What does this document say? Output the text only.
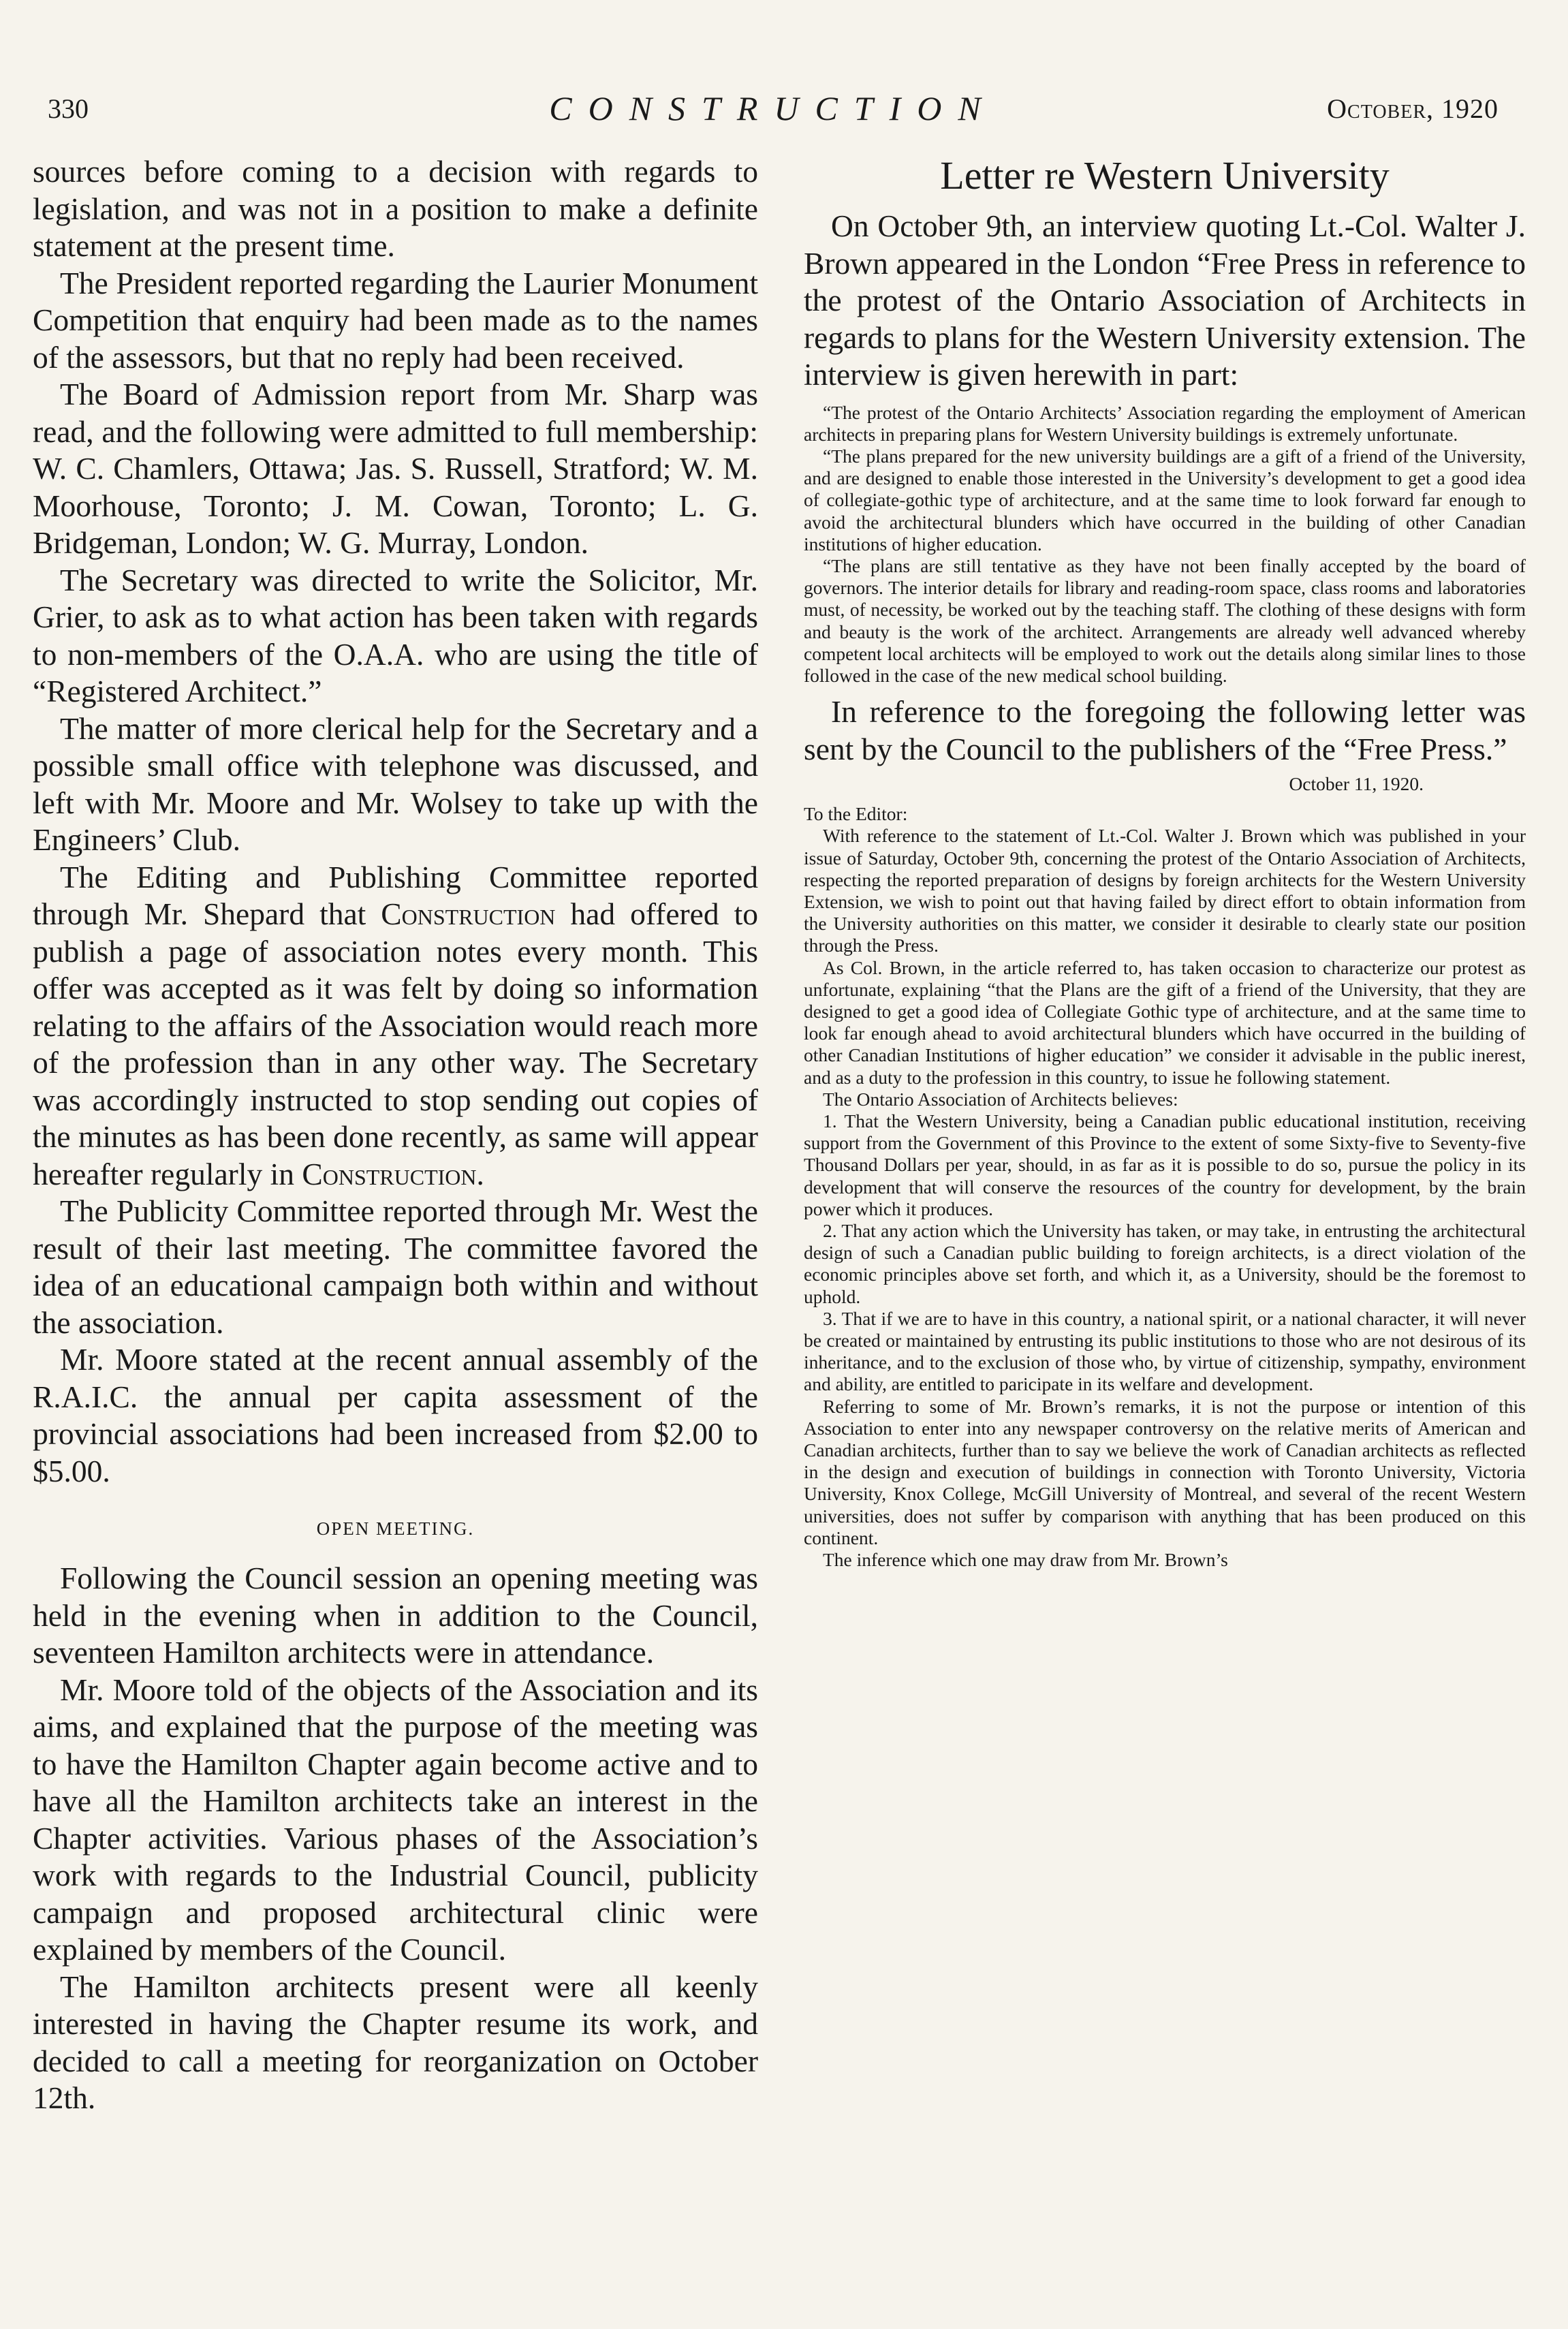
330	CONSTRUCTION	October, 1920

sources before coming to a decision with regards to legislation, and was not in a position to make a definite statement at the present time.

The President reported regarding the Laurier Monument Competition that enquiry had been made as to the names of the assessors, but that no reply had been received.

The Board of Admission report from Mr. Sharp was read, and the following were admitted to full membership: W. C. Chamlers, Ottawa; Jas. S. Russell, Stratford; W. M. Moorhouse, Toronto; J. M. Cowan, Toronto; L. G. Bridgeman, London; W. G. Murray, London.

The Secretary was directed to write the Solicitor, Mr. Grier, to ask as to what action has been taken with regards to non-members of the O.A.A. who are using the title of “Registered Architect.”

The matter of more clerical help for the Secretary and a possible small office with telephone was discussed, and left with Mr. Moore and Mr. Wolsey to take up with the Engineers’ Club.

The Editing and Publishing Committee reported through Mr. Shepard that Construction had offered to publish a page of association notes every month. This offer was accepted as it was felt by doing so information relating to the affairs of the Association would reach more of the profession than in any other way. The Secretary was accordingly instructed to stop sending out copies of the minutes as has been done recently, as same will appear hereafter regularly in Construction.

The Publicity Committee reported through Mr. West the result of their last meeting. The committee favored the idea of an educational campaign both within and without the association.

Mr. Moore stated at the recent annual assembly of the R.A.I.C. the annual per capita assessment of the provincial associations had been increased from $2.00 to $5.00.

OPEN MEETING.

Following the Council session an opening meeting was held in the evening when in addition to the Council, seventeen Hamilton architects were in attendance.

Mr. Moore told of the objects of the Association and its aims, and explained that the purpose of the meeting was to have the Hamilton Chapter again become active and to have all the Hamilton architects take an interest in the Chapter activities. Various phases of the Association’s work with regards to the Industrial Council, publicity campaign and proposed architectural clinic were explained by members of the Council.

The Hamilton architects present were all keenly interested in having the Chapter resume its work, and decided to call a meeting for reorganization on October 12th.

Letter re Western University

On October 9th, an interview quoting Lt.-Col. Walter J. Brown appeared in the London “Free Press in reference to the protest of the Ontario Association of Architects in regards to plans for the Western University extension. The interview is given herewith in part:

“The protest of the Ontario Architects’ Association regarding the employment of American architects in preparing plans for Western University buildings is extremely unfortunate.

“The plans prepared for the new university buildings are a gift of a friend of the University, and are designed to enable those interested in the University’s development to get a good idea of collegiate-gothic type of architecture, and at the same time to look forward far enough to avoid the architectural blunders which have occurred in the building of other Canadian institutions of higher education.

“The plans are still tentative as they have not been finally accepted by the board of governors. The interior details for library and reading-room space, class rooms and laboratories must, of necessity, be worked out by the teaching staff. The clothing of these designs with form and beauty is the work of the architect. Arrangements are already well advanced whereby competent local architects will be employed to work out the details along similar lines to those followed in the case of the new medical school building.

In reference to the foregoing the following letter was sent by the Council to the publishers of the “Free Press.”

October 11, 1920.

To the Editor:

With reference to the statement of Lt.-Col. Walter J. Brown which was published in your issue of Saturday, October 9th, concerning the protest of the Ontario Association of Architects, respecting the reported preparation of designs by foreign architects for the Western University Extension, we wish to point out that having failed by direct effort to obtain information from the University authorities on this matter, we consider it desirable to clearly state our position through the Press.

As Col. Brown, in the article referred to, has taken occasion to characterize our protest as unfortunate, explaining “that the Plans are the gift of a friend of the University, that they are designed to get a good idea of Collegiate Gothic type of architecture, and at the same time to look far enough ahead to avoid architectural blunders which have occurred in the building of other Canadian Institutions of higher education” we consider it advisable in the public inerest, and as a duty to the profession in this country, to issue he following statement.

The Ontario Association of Architects believes:

1. That the Western University, being a Canadian public educational institution, receiving support from the Government of this Province to the extent of some Sixty-five to Seventy-five Thousand Dollars per year, should, in as far as it is possible to do so, pursue the policy in its development that will conserve the resources of the country for development, by the brain power which it produces.

2. That any action which the University has taken, or may take, in entrusting the architectural design of such a Canadian public building to foreign architects, is a direct violation of the economic principles above set forth, and which it, as a University, should be the foremost to uphold.

3. That if we are to have in this country, a national spirit, or a national character, it will never be created or maintained by entrusting its public institutions to those who are not desirous of its inheritance, and to the exclusion of those who, by virtue of citizenship, sympathy, environment and ability, are entitled to paricipate in its welfare and development.

Referring to some of Mr. Brown’s remarks, it is not the purpose or intention of this Association to enter into any newspaper controversy on the relative merits of American and Canadian architects, further than to say we believe the work of Canadian architects as reflected in the design and execution of buildings in connection with Toronto University, Victoria University, Knox College, McGill University of Montreal, and several of the recent Western universities, does not suffer by comparison with anything that has been produced on this continent.

The inference which one may draw from Mr. Brown’s
